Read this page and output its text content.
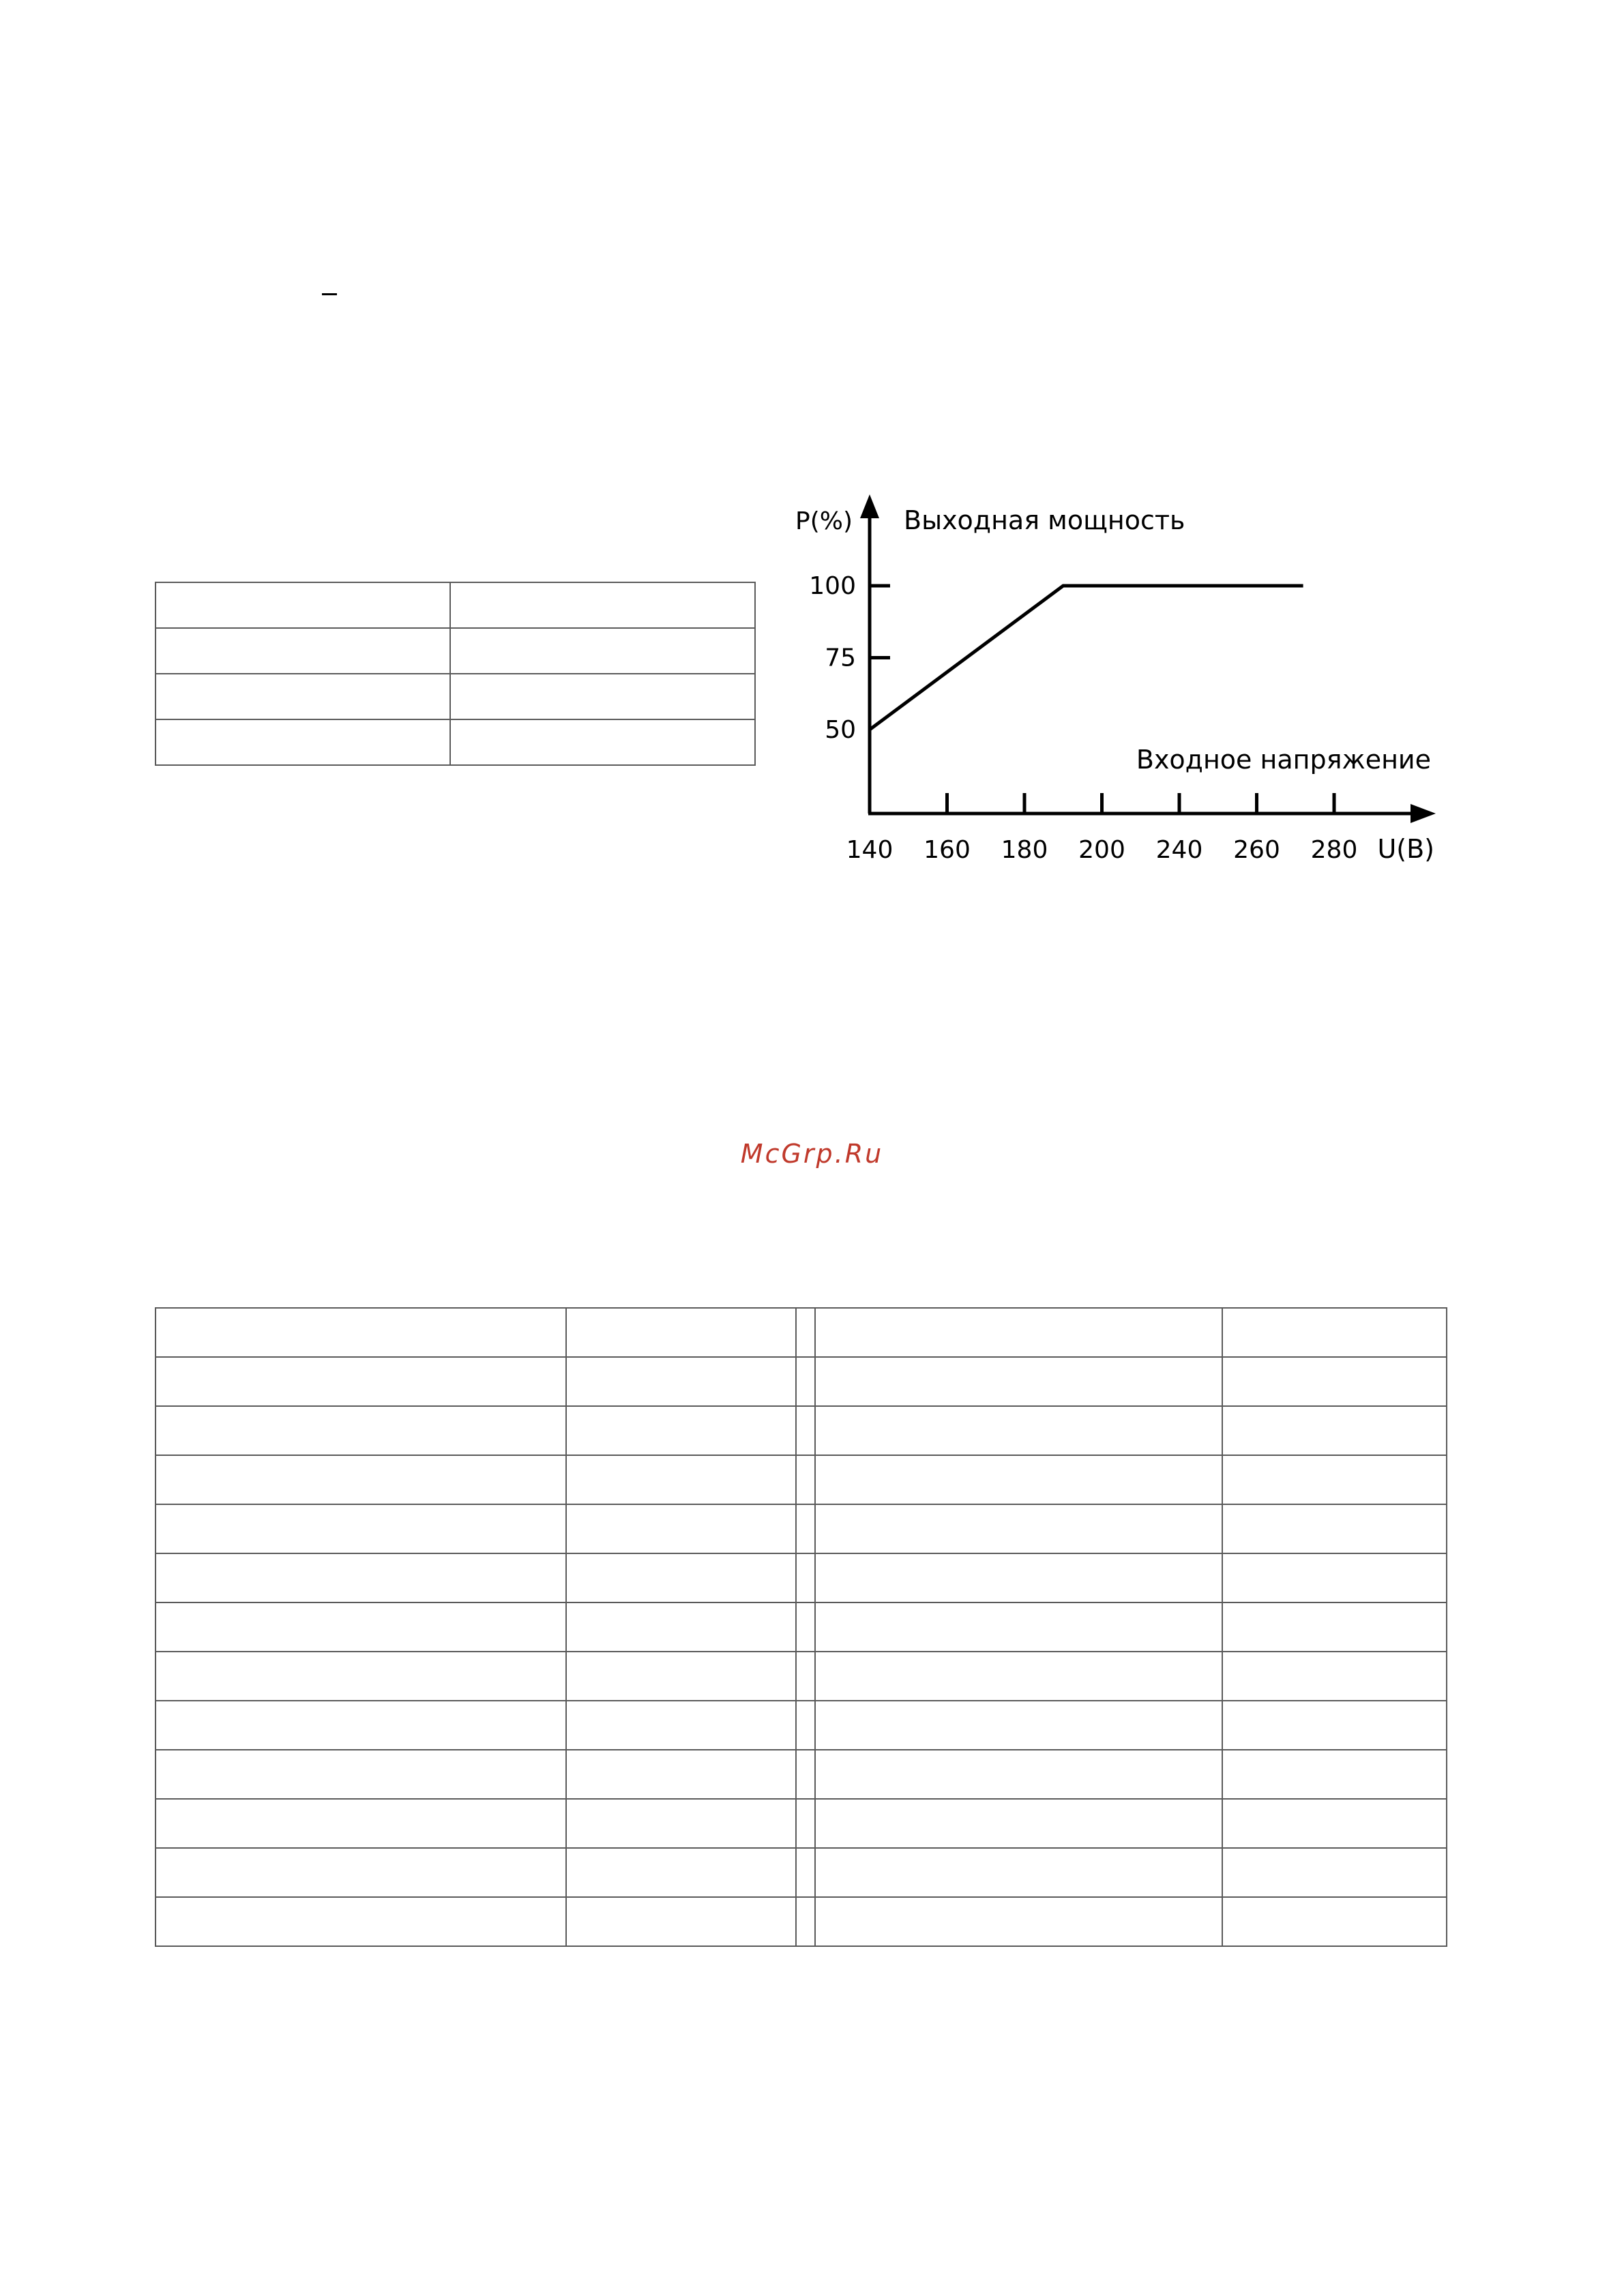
P(%) Выходная мощность
Входное напряжение
U(B)
100
75
50
140 160 180 200 240 260 280
McGrp.Ru
